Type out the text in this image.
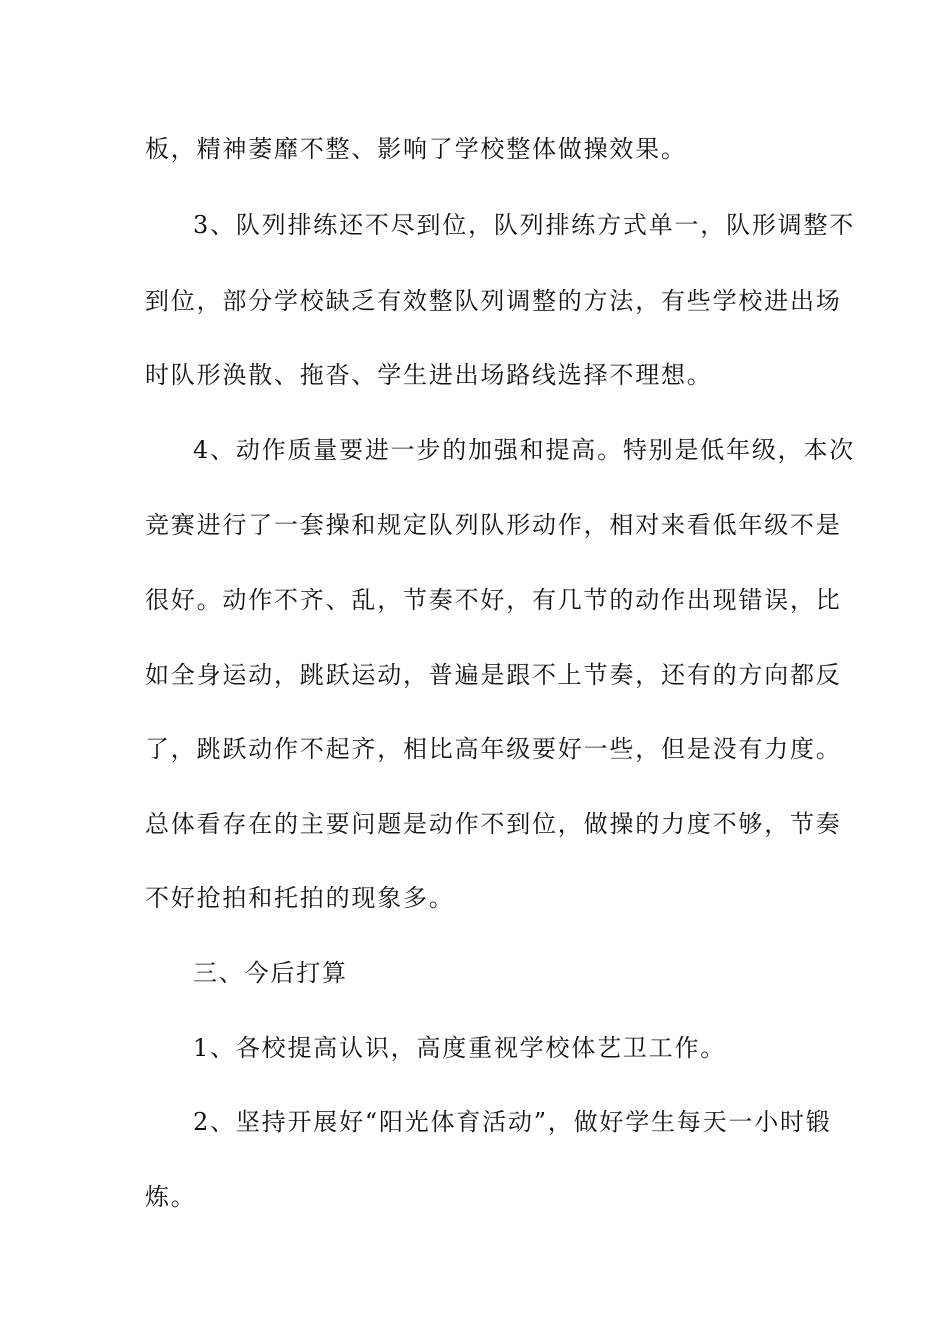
板，精神萎靡不整、影响了学校整体做操效果。
3、队列排练还不尽到位，队列排练方式单一，队形调整不
到位，部分学校缺乏有效整队列调整的方法，有些学校进出场
时队形涣散、拖沓、学生进出场路线选择不理想。
4、动作质量要进一步的加强和提高。特别是低年级，本次
竞赛进行了一套操和规定队列队形动作，相对来看低年级不是
很好。动作不齐、乱，节奏不好，有几节的动作出现错误，比
如全身运动，跳跃运动，普遍是跟不上节奏，还有的方向都反
了，跳跃动作不起齐，相比高年级要好一些，但是没有力度。
总体看存在的主要问题是动作不到位，做操的力度不够，节奏
不好抢拍和托拍的现象多。
三、今后打算
1、各校提高认识，高度重视学校体艺卫工作。
2、坚持开展好“阳光体育活动”，做好学生每天一小时锻
炼。
